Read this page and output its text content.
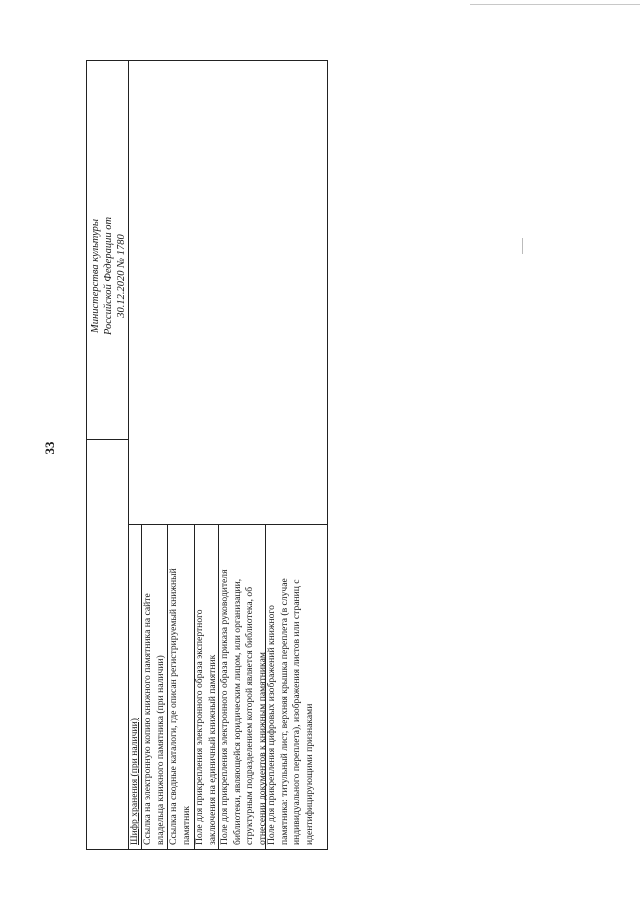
33
Министерства культуры Российской Федерации от 30.12.2020 № 1780
Шифр хранения (при наличии) Ссылка на электронную копию книжного памятника на сайте владельца книжного памятника (при наличии) Ссылка на сводные каталоги, где описан регистрируемый книжный памятник Поле для прикрепления электронного образа экспертного заключения на единичный книжный памятник Поле для прикрепления электронного образа приказа руководителя библиотеки, являющейся юридическим лицом, или организации, структурным подразделением которой является библиотека, об отнесении документов к книжным памятникам
Поле для прикрепления цифровых изображений книжного памятника: титульный лист, верхняя крышка переплета (в случае индивидуального переплета), изображения листов или страниц с идентифицирующими признаками
